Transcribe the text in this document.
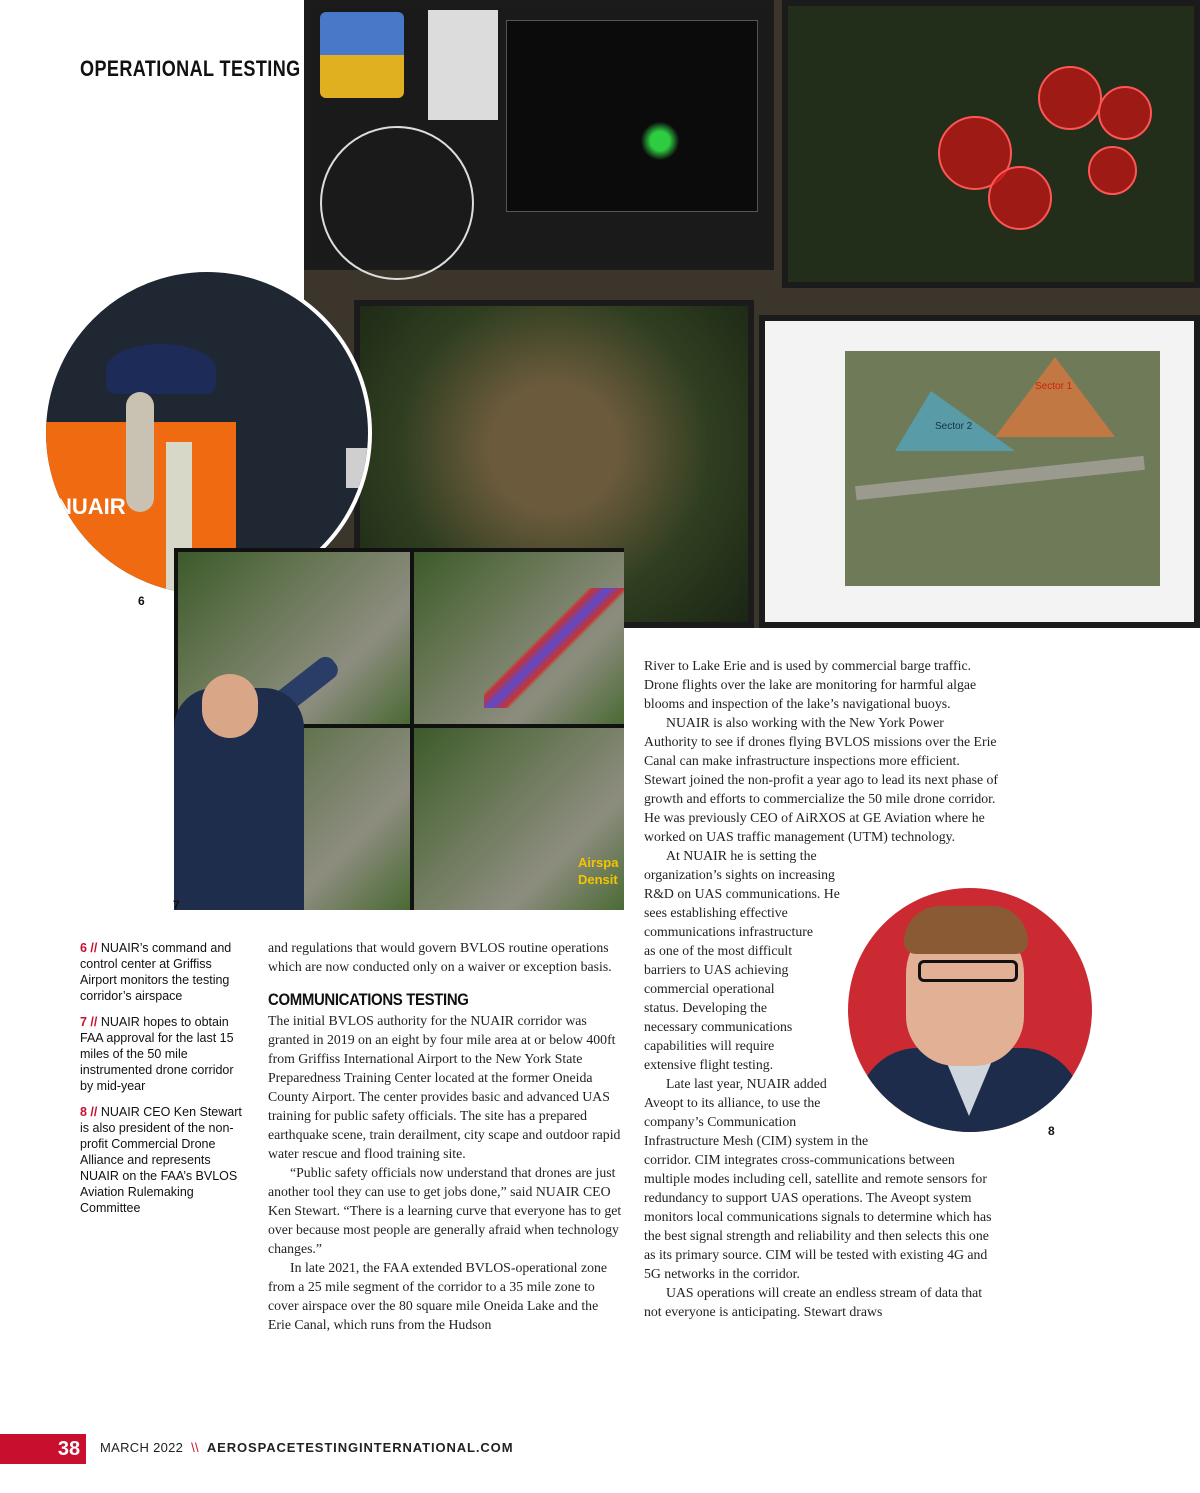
OPERATIONAL TESTING
Sector 1
Sector 2
NUAIR
6
Airspa
Densit
7
6 // NUAIR’s command and control center at Griffiss Airport monitors the testing corridor’s airspace
7 // NUAIR hopes to obtain FAA approval for the last 15 miles of the 50 mile instrumented drone corridor by mid-year
8 // NUAIR CEO Ken Stewart is also president of the non-profit Commercial Drone Alliance and represents NUAIR on the FAA’s BVLOS Aviation Rulemaking Committee

and regulations that would govern BVLOS routine operations which are now conducted only on a waiver or exception basis.

COMMUNICATIONS TESTING

The initial BVLOS authority for the NUAIR corridor was granted in 2019 on an eight by four mile area at or below 400ft from Griffiss International Airport to the New York State Preparedness Training Center located at the former Oneida County Airport. The center provides basic and advanced UAS training for public safety officials. The site has a prepared earthquake scene, train derailment, city scape and outdoor rapid water rescue and flood training site.

“Public safety officials now understand that drones are just another tool they can use to get jobs done,” said NUAIR CEO Ken Stewart. “There is a learning curve that everyone has to get over because most people are generally afraid when technology changes.”

In late 2021, the FAA extended BVLOS-operational zone from a 25 mile segment of the corridor to a 35 mile zone to cover airspace over the 80 square mile Oneida Lake and the Erie Canal, which runs from the Hudson

River to Lake Erie and is used by commercial barge traffic. Drone flights over the lake are monitoring for harmful algae blooms and inspection of the lake’s navigational buoys.

NUAIR is also working with the New York Power Authority to see if drones flying BVLOS missions over the Erie Canal can make infrastructure inspections more efficient. Stewart joined the non-profit a year ago to lead its next phase of growth and efforts to commercialize the 50 mile drone corridor. He was previously CEO of AiRXOS at GE Aviation where he worked on UAS traffic management (UTM) technology.

At NUAIR he is setting the
organization’s sights on increasing
R&D on UAS communications. He
sees establishing effective
communications infrastructure
as one of the most difficult
barriers to UAS achieving
commercial operational
status. Developing the
necessary communications
capabilities will require
extensive flight testing.
Late last year, NUAIR added
Aveopt to its alliance, to use the
company’s Communication
Infrastructure Mesh (CIM) system in the

corridor. CIM integrates cross-communications between multiple modes including cell, satellite and remote sensors for redundancy to support UAS operations. The Aveopt system monitors local communications signals to determine which has the best signal strength and reliability and then selects this one as its primary source. CIM will be tested with existing 4G and 5G networks in the corridor.

UAS operations will create an endless stream of data that not everyone is anticipating. Stewart draws

8
38	MARCH 2022 \\ AEROSPACETESTINGINTERNATIONAL.COM
